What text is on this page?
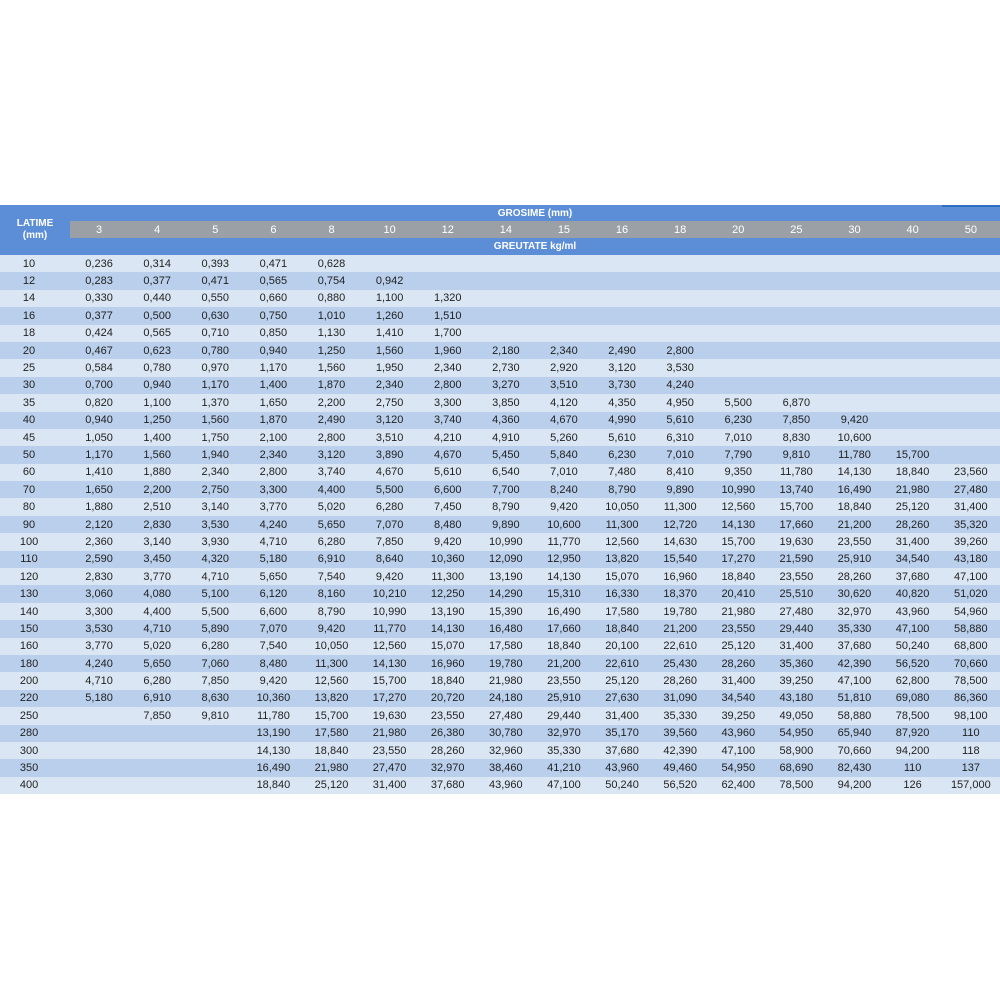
LATIME
(mm)	GROSIME (mm)															
	3	4	5	6	8	10	12	14	15	16	18	20	25	30	40	50
	GREUTATE kg/ml															
10	0,236	0,314	0,393	0,471	0,628											
12	0,283	0,377	0,471	0,565	0,754	0,942										
14	0,330	0,440	0,550	0,660	0,880	1,100	1,320									
16	0,377	0,500	0,630	0,750	1,010	1,260	1,510									
18	0,424	0,565	0,710	0,850	1,130	1,410	1,700									
20	0,467	0,623	0,780	0,940	1,250	1,560	1,960	2,180	2,340	2,490	2,800					
25	0,584	0,780	0,970	1,170	1,560	1,950	2,340	2,730	2,920	3,120	3,530					
30	0,700	0,940	1,170	1,400	1,870	2,340	2,800	3,270	3,510	3,730	4,240					
35	0,820	1,100	1,370	1,650	2,200	2,750	3,300	3,850	4,120	4,350	4,950	5,500	6,870			
40	0,940	1,250	1,560	1,870	2,490	3,120	3,740	4,360	4,670	4,990	5,610	6,230	7,850	9,420		
45	1,050	1,400	1,750	2,100	2,800	3,510	4,210	4,910	5,260	5,610	6,310	7,010	8,830	10,600		
50	1,170	1,560	1,940	2,340	3,120	3,890	4,670	5,450	5,840	6,230	7,010	7,790	9,810	11,780	15,700	
60	1,410	1,880	2,340	2,800	3,740	4,670	5,610	6,540	7,010	7,480	8,410	9,350	11,780	14,130	18,840	23,560
70	1,650	2,200	2,750	3,300	4,400	5,500	6,600	7,700	8,240	8,790	9,890	10,990	13,740	16,490	21,980	27,480
80	1,880	2,510	3,140	3,770	5,020	6,280	7,450	8,790	9,420	10,050	11,300	12,560	15,700	18,840	25,120	31,400
90	2,120	2,830	3,530	4,240	5,650	7,070	8,480	9,890	10,600	11,300	12,720	14,130	17,660	21,200	28,260	35,320
100	2,360	3,140	3,930	4,710	6,280	7,850	9,420	10,990	11,770	12,560	14,630	15,700	19,630	23,550	31,400	39,260
110	2,590	3,450	4,320	5,180	6,910	8,640	10,360	12,090	12,950	13,820	15,540	17,270	21,590	25,910	34,540	43,180
120	2,830	3,770	4,710	5,650	7,540	9,420	11,300	13,190	14,130	15,070	16,960	18,840	23,550	28,260	37,680	47,100
130	3,060	4,080	5,100	6,120	8,160	10,210	12,250	14,290	15,310	16,330	18,370	20,410	25,510	30,620	40,820	51,020
140	3,300	4,400	5,500	6,600	8,790	10,990	13,190	15,390	16,490	17,580	19,780	21,980	27,480	32,970	43,960	54,960
150	3,530	4,710	5,890	7,070	9,420	11,770	14,130	16,480	17,660	18,840	21,200	23,550	29,440	35,330	47,100	58,880
160	3,770	5,020	6,280	7,540	10,050	12,560	15,070	17,580	18,840	20,100	22,610	25,120	31,400	37,680	50,240	68,800
180	4,240	5,650	7,060	8,480	11,300	14,130	16,960	19,780	21,200	22,610	25,430	28,260	35,360	42,390	56,520	70,660
200	4,710	6,280	7,850	9,420	12,560	15,700	18,840	21,980	23,550	25,120	28,260	31,400	39,250	47,100	62,800	78,500
220	5,180	6,910	8,630	10,360	13,820	17,270	20,720	24,180	25,910	27,630	31,090	34,540	43,180	51,810	69,080	86,360
250		7,850	9,810	11,780	15,700	19,630	23,550	27,480	29,440	31,400	35,330	39,250	49,050	58,880	78,500	98,100
280				13,190	17,580	21,980	26,380	30,780	32,970	35,170	39,560	43,960	54,950	65,940	87,920	110
300				14,130	18,840	23,550	28,260	32,960	35,330	37,680	42,390	47,100	58,900	70,660	94,200	118
350				16,490	21,980	27,470	32,970	38,460	41,210	43,960	49,460	54,950	68,690	82,430	110	137
400				18,840	25,120	31,400	37,680	43,960	47,100	50,240	56,520	62,400	78,500	94,200	126	157,000
